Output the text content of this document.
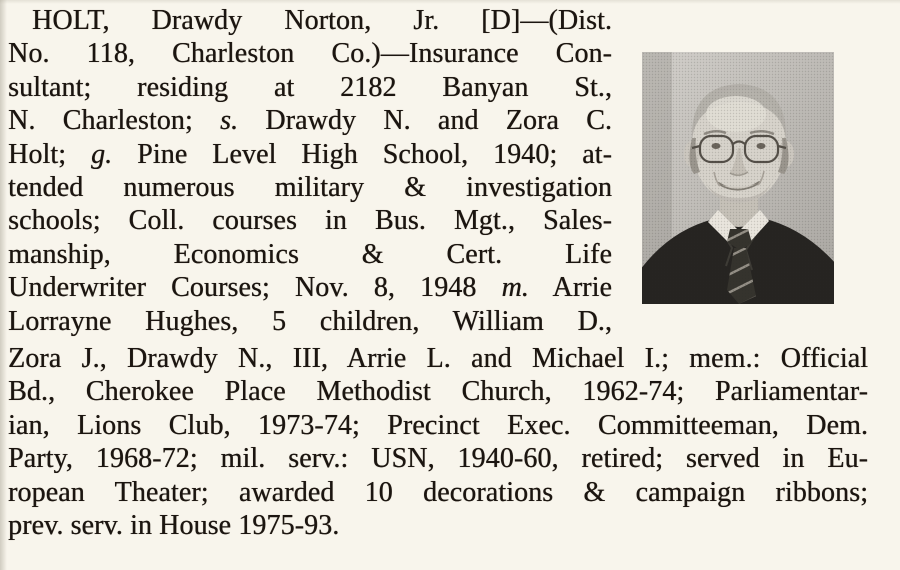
HOLT, Drawdy Norton, Jr. [D]—(Dist.
No. 118, Charleston Co.)—Insurance Con-
sultant; residing at 2182 Banyan St.,
N. Charleston; s. Drawdy N. and Zora C.
Holt; g. Pine Level High School, 1940; at-
tended numerous military & investigation
schools; Coll. courses in Bus. Mgt., Sales-
manship, Economics & Cert. Life
Underwriter Courses; Nov. 8, 1948 m. Arrie
Lorrayne Hughes, 5 children, William D.,
Zora J., Drawdy N., III, Arrie L. and Michael I.; mem.: Official
Bd., Cherokee Place Methodist Church, 1962-74; Parliamentar-
ian, Lions Club, 1973-74; Precinct Exec. Committeeman, Dem.
Party, 1968-72; mil. serv.: USN, 1940-60, retired; served in Eu-
ropean Theater; awarded 10 decorations & campaign ribbons;
prev. serv. in House 1975-93.
